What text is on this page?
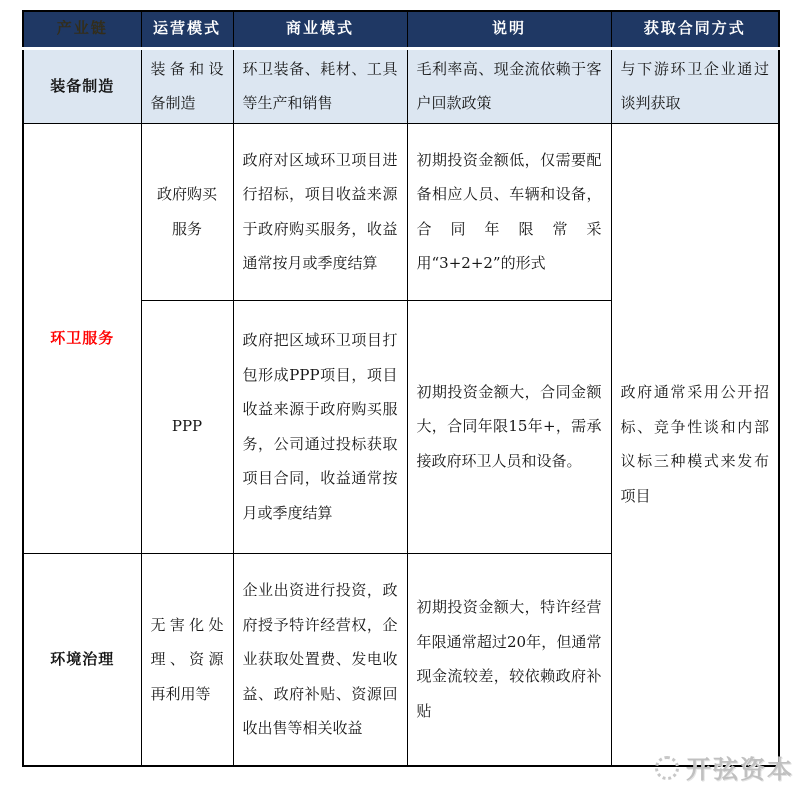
产业链	运营模式	商业模式	说明	获取合同方式
装备制造	装备和设备制造	环卫装备、耗材、工具等生产和销售	毛利率高、现金流依赖于客户回款政策	与下游环卫企业通过谈判获取
环卫服务	政府购买服务	政府对区域环卫项目进行招标，项目收益来源于政府购买服务，收益通常按月或季度结算	初期投资金额低，仅需要配备相应人员、车辆和设备，合同年限常采用“3+2+2”的形式	政府通常采用公开招标、竞争性谈和内部议标三种模式来发布项目
	PPP	政府把区域环卫项目打包形成PPP项目，项目收益来源于政府购买服务，公司通过投标获取项目合同，收益通常按月或季度结算	初期投资金额大，合同金额大，合同年限15年+，需承接政府环卫人员和设备。	
环境治理	无害化处理、资源再利用等	企业出资进行投资，政府授予特许经营权，企业获取处置费、发电收益、政府补贴、资源回收出售等相关收益	初期投资金额大，特许经营年限通常超过20年，但通常现金流较差，较依赖政府补贴	
开弦资本
